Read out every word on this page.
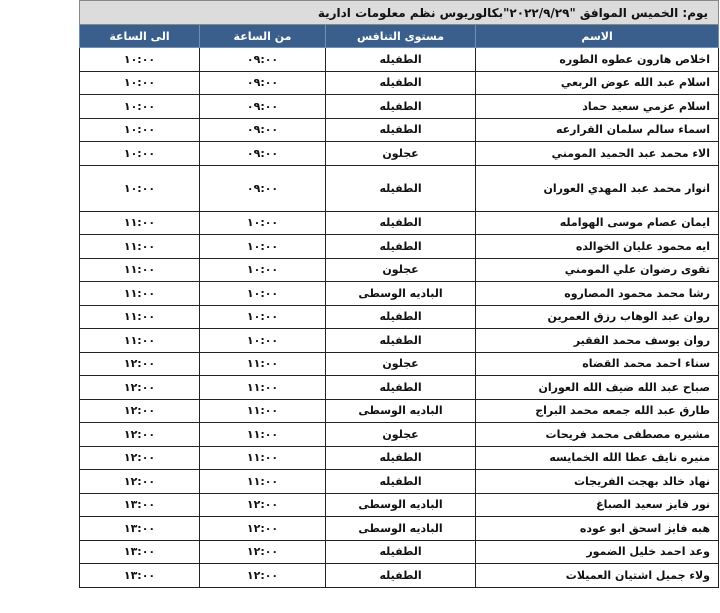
يوم: الخميس الموافق "٢٠٢٢/٩/٢٩"بكالوريوس نظم معلومات ادارية			
الاسم	مستوى التنافس	من الساعة	الى الساعة
اخلاص هارون عطوه الطوره	الطفيله	٠٩:٠٠	١٠:٠٠
اسلام عبد الله عوض الربعي	الطفيله	٠٩:٠٠	١٠:٠٠
اسلام عزمي سعيد حماد	الطفيله	٠٩:٠٠	١٠:٠٠
اسماء سالم سلمان القرارعه	الطفيله	٠٩:٠٠	١٠:٠٠
الاء محمد عبد الحميد المومني	عجلون	٠٩:٠٠	١٠:٠٠
انوار محمد عبد المهدي العوران	الطفيله	٠٩:٠٠	١٠:٠٠
ايمان عصام موسى الهوامله	الطفيله	١٠:٠٠	١١:٠٠
ايه محمود عليان الخوالده	الطفيله	١٠:٠٠	١١:٠٠
تقوى رضوان علي المومني	عجلون	١٠:٠٠	١١:٠٠
رشا محمد محمود المصاروه	الباديه الوسطى	١٠:٠٠	١١:٠٠
روان عبد الوهاب رزق العمرين	الطفيله	١٠:٠٠	١١:٠٠
روان يوسف محمد الفقير	الطفيله	١٠:٠٠	١١:٠٠
سناء احمد محمد القضاه	عجلون	١١:٠٠	١٢:٠٠
صباح عبد الله ضيف الله العوران	الطفيله	١١:٠٠	١٢:٠٠
طارق عبد الله جمعه محمد البراج	الباديه الوسطى	١١:٠٠	١٢:٠٠
مشيره مصطفى محمد فريحات	عجلون	١١:٠٠	١٢:٠٠
منيره نايف عطا الله الخمايسه	الطفيله	١١:٠٠	١٢:٠٠
نهاد خالد بهجت الفريجات	الطفيله	١١:٠٠	١٢:٠٠
نور فايز سعيد الصباغ	الباديه الوسطى	١٢:٠٠	١٣:٠٠
هبه فايز اسحق ابو عوده	الباديه الوسطى	١٢:٠٠	١٣:٠٠
وعد احمد خليل الضمور	الطفيله	١٢:٠٠	١٣:٠٠
ولاء جميل اشتيان العميلات	الطفيله	١٢:٠٠	١٣:٠٠
